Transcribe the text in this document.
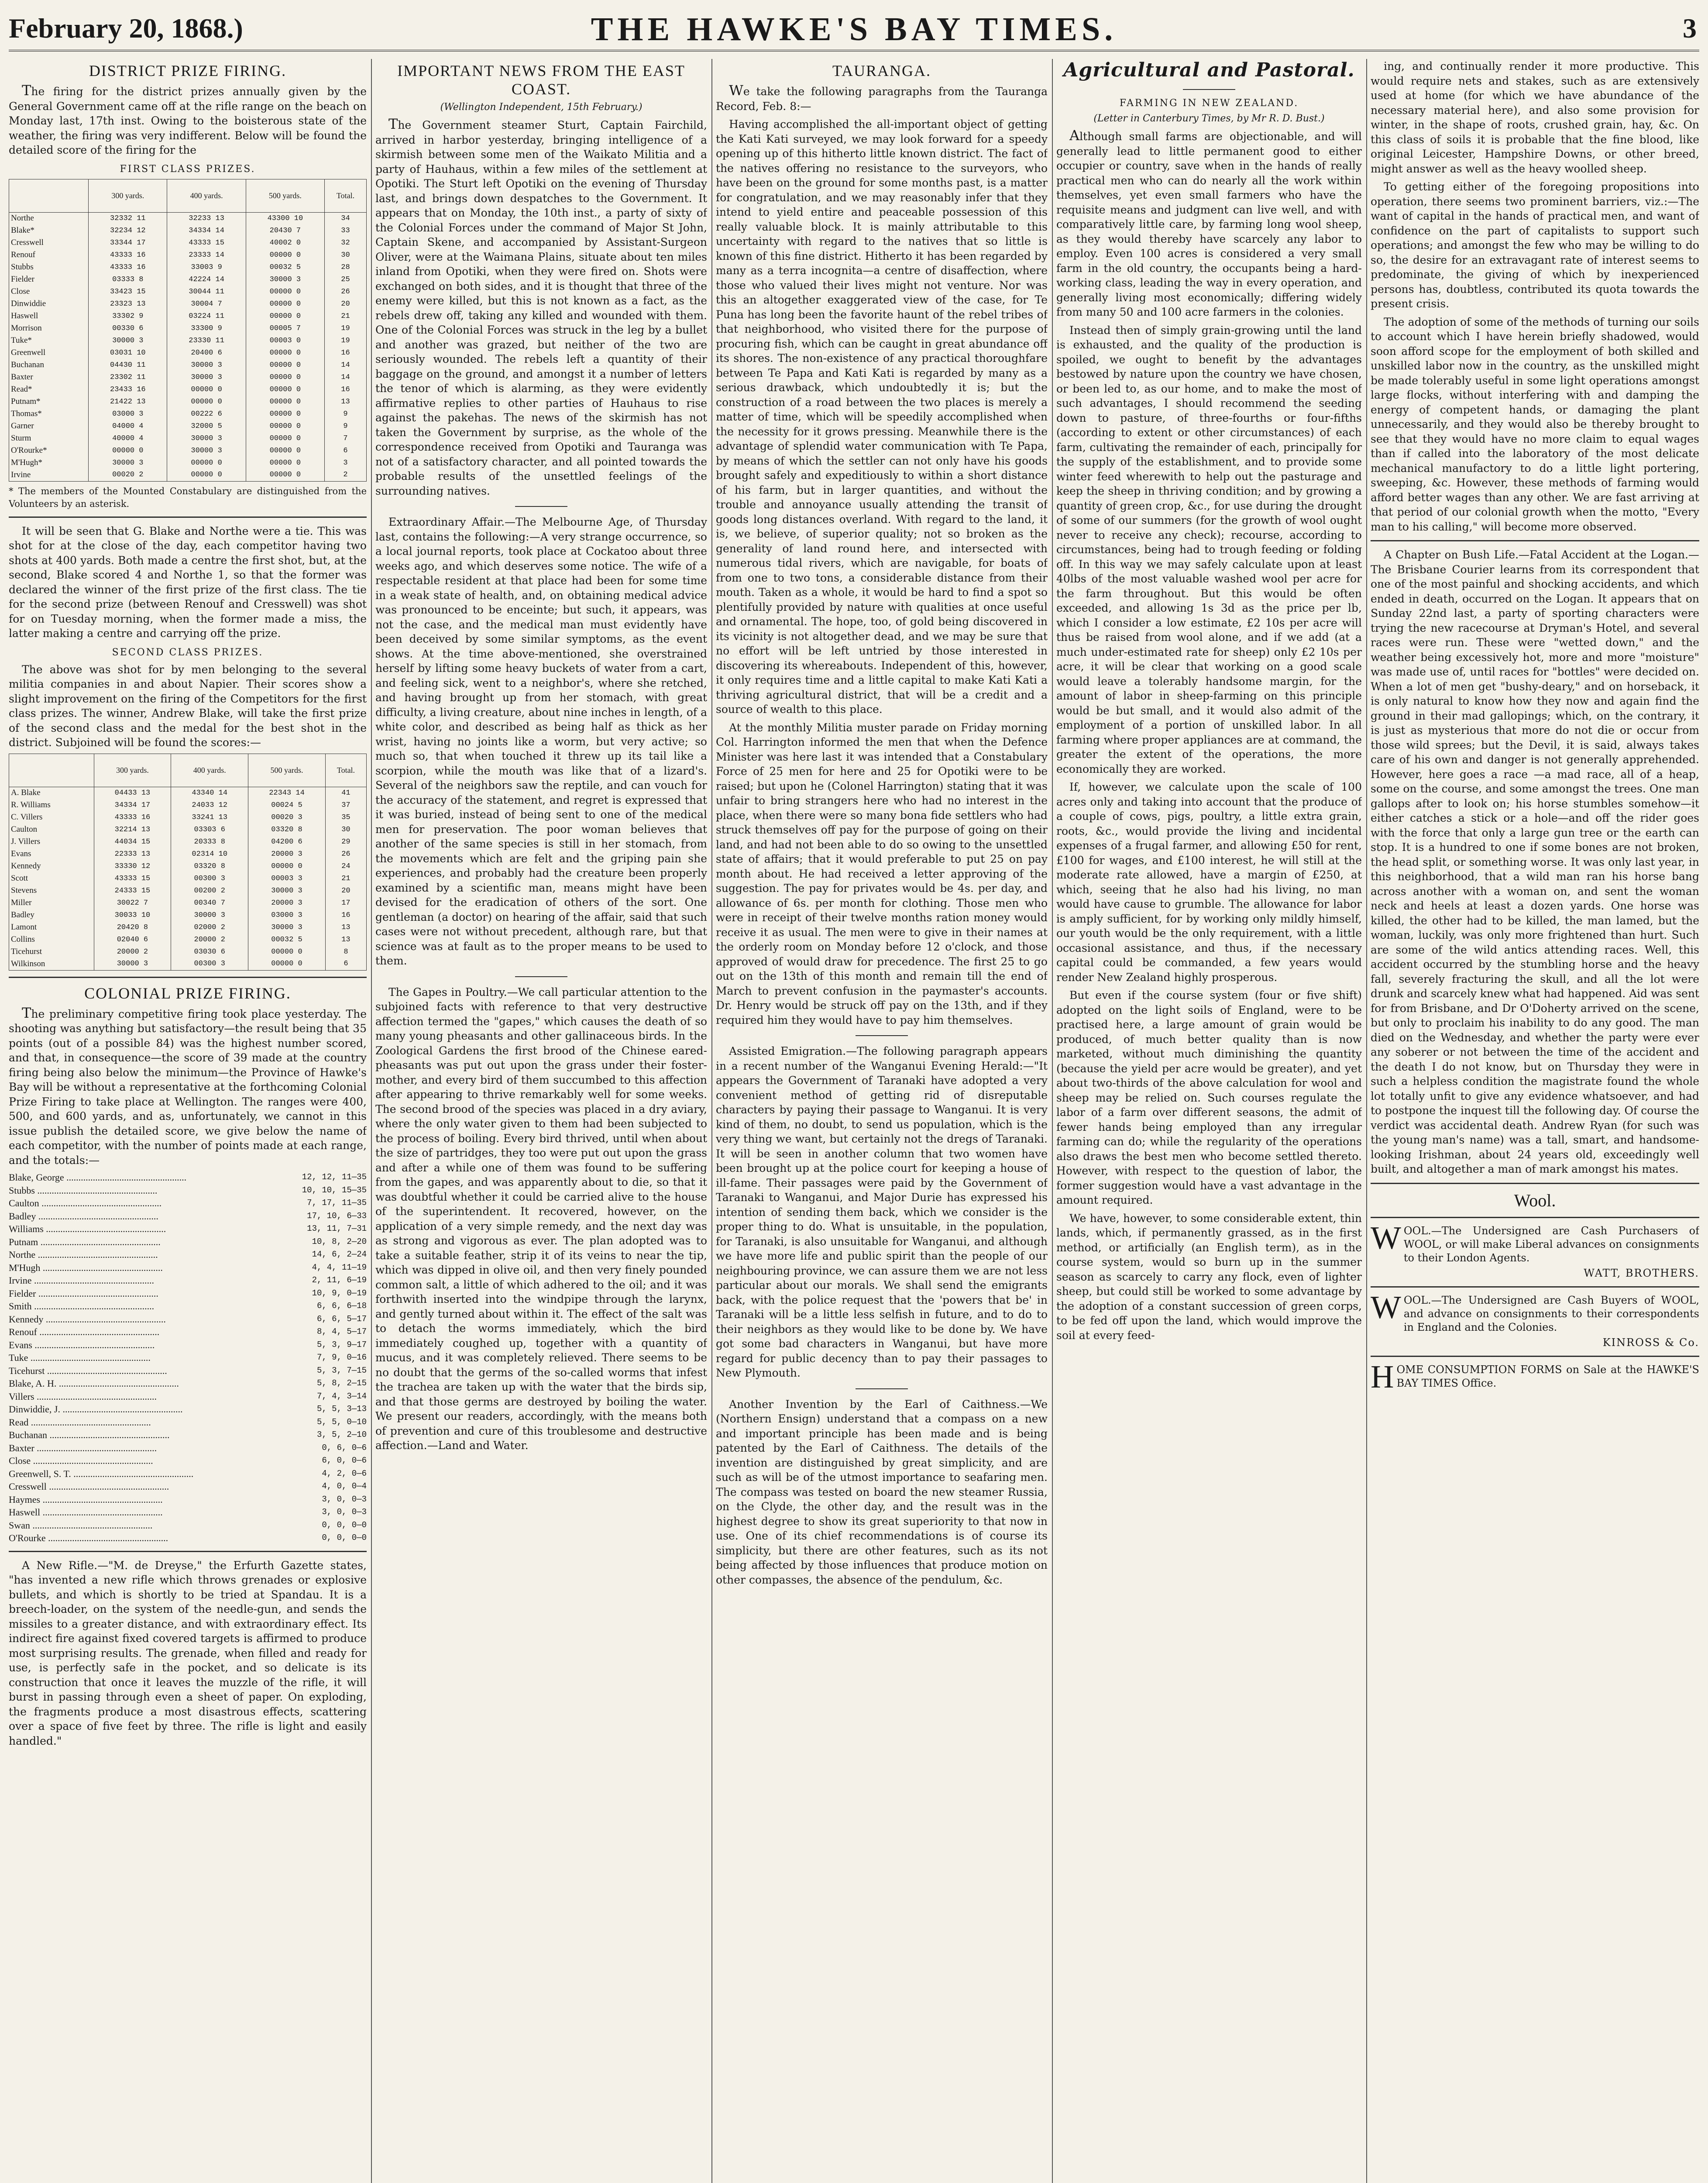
February 20, 1868.)	THE HAWKE'S BAY TIMES.	3
DISTRICT PRIZE FIRING.
The firing for the district prizes annually given by the General Government came off at the rifle range on the beach on Monday last, 17th inst. Owing to the boisterous state of the weather, the firing was very indifferent. Below will be found the detailed score of the firing for the
FIRST CLASS PRIZES.
	300 yards.	400 yards.	500 yards.	Total.
Northe	32332 11	32233 13	43300 10	34
Blake*	32234 12	34334 14	20430 7	33
Cresswell	33344 17	43333 15	40002 0	32
Renouf	43333 16	23333 14	00000 0	30
Stubbs	43333 16	33003 9	00032 5	28
Fielder	03333 8	42224 14	30000 3	25
Close	33423 15	30044 11	00000 0	26
Dinwiddie	23323 13	30004 7	00000 0	20
Haswell	33302 9	03224 11	00000 0	21
Morrison	00330 6	33300 9	00005 7	19
Tuke*	30000 3	23330 11	00003 0	19
Greenwell	03031 10	20400 6	00000 0	16
Buchanan	04430 11	30000 3	00000 0	14
Baxter	23302 11	30000 3	00000 0	14
Read*	23433 16	00000 0	00000 0	16
Putnam*	21422 13	00000 0	00000 0	13
Thomas*	03000 3	00222 6	00000 0	9
Garner	04000 4	32000 5	00000 0	9
Sturm	40000 4	30000 3	00000 0	7
O'Rourke*	00000 0	30000 3	00000 0	6
M'Hugh*	30000 3	00000 0	00000 0	3
Irvine	00020 2	00000 0	00000 0	2
* The members of the Mounted Constabulary are distinguished from the Volunteers by an asterisk.
It will be seen that G. Blake and Northe were a tie. This was shot for at the close of the day, each competitor having two shots at 400 yards. Both made a centre the first shot, but, at the second, Blake scored 4 and Northe 1, so that the former was declared the winner of the first prize of the first class. The tie for the second prize (between Renouf and Cresswell) was shot for on Tuesday morning, when the former made a miss, the latter making a centre and carrying off the prize.
SECOND CLASS PRIZES.
The above was shot for by men belonging to the several militia companies in and about Napier. Their scores show a slight improvement on the firing of the Competitors for the first class prizes. The winner, Andrew Blake, will take the first prize of the second class and the medal for the best shot in the district. Subjoined will be found the scores:—
	300 yards.	400 yards.	500 yards.	Total.
A. Blake	04433 13	43340 14	22343 14	41
R. Williams	34334 17	24033 12	00024 5	37
C. Villers	43333 16	33241 13	00020 3	35
Caulton	32214 13	03303 6	03320 8	30
J. Villers	44034 15	20333 8	04200 6	29
Evans	22333 13	02314 10	20000 3	26
Kennedy	33330 12	03320 8	00000 0	24
Scott	43333 15	00300 3	00003 3	21
Stevens	24333 15	00200 2	30000 3	20
Miller	30022 7	00340 7	20000 3	17
Badley	30033 10	30000 3	03000 3	16
Lamont	20420 8	02000 2	30000 3	13
Collins	02040 6	20000 2	00032 5	13
Ticehurst	20000 2	03030 6	00000 0	8
Wilkinson	30000 3	00300 3	00000 0	6
COLONIAL PRIZE FIRING.
The preliminary competitive firing took place yesterday. The shooting was anything but satisfactory—the result being that 35 points (out of a possible 84) was the highest number scored, and that, in consequence—the score of 39 made at the country firing being also below the minimum—the Province of Hawke's Bay will be without a representative at the forthcoming Colonial Prize Firing to take place at Wellington. The ranges were 400, 500, and 600 yards, and as, unfortunately, we cannot in this issue publish the detailed score, we give below the name of each competitor, with the number of points made at each range, and the totals:—
Blake, George ..................................................	12, 12, 11—35
Stubbs ..................................................	10, 10, 15—35
Caulton ..................................................	7, 17, 11—35
Badley ..................................................	17, 10, 6—33
Williams ..................................................	13, 11, 7—31
Putnam ..................................................	10, 8, 2—20
Northe ..................................................	14, 6, 2—24
M'Hugh ..................................................	4, 4, 11—19
Irvine ..................................................	2, 11, 6—19
Fielder ..................................................	10, 9, 0—19
Smith ..................................................	6, 6, 6—18
Kennedy ..................................................	6, 6, 5—17
Renouf ..................................................	8, 4, 5—17
Evans ..................................................	5, 3, 9—17
Tuke ..................................................	7, 9, 0—16
Ticehurst ..................................................	5, 3, 7—15
Blake, A. H. ..................................................	5, 8, 2—15
Villers ..................................................	7, 4, 3—14
Dinwiddie, J. ..................................................	5, 5, 3—13
Read ..................................................	5, 5, 0—10
Buchanan ..................................................	3, 5, 2—10
Baxter ..................................................	0, 6, 0—6
Close ..................................................	6, 0, 0—6
Greenwell, S. T. ..................................................	4, 2, 0—6
Cresswell ..................................................	4, 0, 0—4
Haymes ..................................................	3, 0, 0—3
Haswell ..................................................	3, 0, 0—3
Swan ..................................................	0, 0, 0—0
O'Rourke ..................................................	0, 0, 0—0
A New Rifle.—"M. de Dreyse," the Erfurth Gazette states, "has invented a new rifle which throws grenades or explosive bullets, and which is shortly to be tried at Spandau. It is a breech-loader, on the system of the needle-gun, and sends the missiles to a greater distance, and with extraordinary effect. Its indirect fire against fixed covered targets is affirmed to produce most surprising results. The grenade, when filled and ready for use, is perfectly safe in the pocket, and so delicate is its construction that once it leaves the muzzle of the rifle, it will burst in passing through even a sheet of paper. On exploding, the fragments produce a most disastrous effects, scattering over a space of five feet by three. The rifle is light and easily handled."
IMPORTANT NEWS FROM THE EAST COAST.
(Wellington Independent, 15th February.)
The Government steamer Sturt, Captain Fairchild, arrived in harbor yesterday, bringing intelligence of a skirmish between some men of the Waikato Militia and a party of Hauhaus, within a few miles of the settlement at Opotiki. The Sturt left Opotiki on the evening of Thursday last, and brings down despatches to the Government. It appears that on Monday, the 10th inst., a party of sixty of the Colonial Forces under the command of Major St John, Captain Skene, and accompanied by Assistant-Surgeon Oliver, were at the Waimana Plains, situate about ten miles inland from Opotiki, when they were fired on. Shots were exchanged on both sides, and it is thought that three of the enemy were killed, but this is not known as a fact, as the rebels drew off, taking any killed and wounded with them. One of the Colonial Forces was struck in the leg by a bullet and another was grazed, but neither of the two are seriously wounded. The rebels left a quantity of their baggage on the ground, and amongst it a number of letters the tenor of which is alarming, as they were evidently affirmative replies to other parties of Hauhaus to rise against the pakehas. The news of the skirmish has not taken the Government by surprise, as the whole of the correspondence received from Opotiki and Tauranga was not of a satisfactory character, and all pointed towards the probable results of the unsettled feelings of the surrounding natives.
Extraordinary Affair.—The Melbourne Age, of Thursday last, contains the following:—A very strange occurrence, so a local journal reports, took place at Cockatoo about three weeks ago, and which deserves some notice. The wife of a respectable resident at that place had been for some time in a weak state of health, and, on obtaining medical advice was pronounced to be enceinte; but such, it appears, was not the case, and the medical man must evidently have been deceived by some similar symptoms, as the event shows. At the time above-mentioned, she overstrained herself by lifting some heavy buckets of water from a cart, and feeling sick, went to a neighbor's, where she retched, and having brought up from her stomach, with great difficulty, a living creature, about nine inches in length, of a white color, and described as being half as thick as her wrist, having no joints like a worm, but very active; so much so, that when touched it threw up its tail like a scorpion, while the mouth was like that of a lizard's. Several of the neighbors saw the reptile, and can vouch for the accuracy of the statement, and regret is expressed that it was buried, instead of being sent to one of the medical men for preservation. The poor woman believes that another of the same species is still in her stomach, from the movements which are felt and the griping pain she experiences, and probably had the creature been properly examined by a scientific man, means might have been devised for the eradication of others of the sort. One gentleman (a doctor) on hearing of the affair, said that such cases were not without precedent, although rare, but that science was at fault as to the proper means to be used to them.
The Gapes in Poultry.—We call particular attention to the subjoined facts with reference to that very destructive affection termed the "gapes," which causes the death of so many young pheasants and other gallinaceous birds. In the Zoological Gardens the first brood of the Chinese eared-pheasants was put out upon the grass under their foster-mother, and every bird of them succumbed to this affection after appearing to thrive remarkably well for some weeks. The second brood of the species was placed in a dry aviary, where the only water given to them had been subjected to the process of boiling. Every bird thrived, until when about the size of partridges, they too were put out upon the grass and after a while one of them was found to be suffering from the gapes, and was apparently about to die, so that it was doubtful whether it could be carried alive to the house of the superintendent. It recovered, however, on the application of a very simple remedy, and the next day was as strong and vigorous as ever. The plan adopted was to take a suitable feather, strip it of its veins to near the tip, which was dipped in olive oil, and then very finely pounded common salt, a little of which adhered to the oil; and it was forthwith inserted into the windpipe through the larynx, and gently turned about within it. The effect of the salt was to detach the worms immediately, which the bird immediately coughed up, together with a quantity of mucus, and it was completely relieved. There seems to be no doubt that the germs of the so-called worms that infest the trachea are taken up with the water that the birds sip, and that those germs are destroyed by boiling the water. We present our readers, accordingly, with the means both of prevention and cure of this troublesome and destructive affection.—Land and Water.
TAURANGA.
We take the following paragraphs from the Tauranga Record, Feb. 8:—
Having accomplished the all-important object of getting the Kati Kati surveyed, we may look forward for a speedy opening up of this hitherto little known district. The fact of the natives offering no resistance to the surveyors, who have been on the ground for some months past, is a matter for congratulation, and we may reasonably infer that they intend to yield entire and peaceable possession of this really valuable block. It is mainly attributable to this uncertainty with regard to the natives that so little is known of this fine district. Hitherto it has been regarded by many as a terra incognita—a centre of disaffection, where those who valued their lives might not venture. Nor was this an altogether exaggerated view of the case, for Te Puna has long been the favorite haunt of the rebel tribes of that neighborhood, who visited there for the purpose of procuring fish, which can be caught in great abundance off its shores. The non-existence of any practical thoroughfare between Te Papa and Kati Kati is regarded by many as a serious drawback, which undoubtedly it is; but the construction of a road between the two places is merely a matter of time, which will be speedily accomplished when the necessity for it grows pressing. Meanwhile there is the advantage of splendid water communication with Te Papa, by means of which the settler can not only have his goods brought safely and expeditiously to within a short distance of his farm, but in larger quantities, and without the trouble and annoyance usually attending the transit of goods long distances overland. With regard to the land, it is, we believe, of superior quality; not so broken as the generality of land round here, and intersected with numerous tidal rivers, which are navigable, for boats of from one to two tons, a considerable distance from their mouth. Taken as a whole, it would be hard to find a spot so plentifully provided by nature with qualities at once useful and ornamental. The hope, too, of gold being discovered in its vicinity is not altogether dead, and we may be sure that no effort will be left untried by those interested in discovering its whereabouts. Independent of this, however, it only requires time and a little capital to make Kati Kati a thriving agricultural district, that will be a credit and a source of wealth to this place.
At the monthly Militia muster parade on Friday morning Col. Harrington informed the men that when the Defence Minister was here last it was intended that a Constabulary Force of 25 men for here and 25 for Opotiki were to be raised; but upon he (Colonel Harrington) stating that it was unfair to bring strangers here who had no interest in the place, when there were so many bona fide settlers who had struck themselves off pay for the purpose of going on their land, and had not been able to do so owing to the unsettled state of affairs; that it would preferable to put 25 on pay month about. He had received a letter approving of the suggestion. The pay for privates would be 4s. per day, and allowance of 6s. per month for clothing. Those men who were in receipt of their twelve months ration money would receive it as usual. The men were to give in their names at the orderly room on Monday before 12 o'clock, and those approved of would draw for precedence. The first 25 to go out on the 13th of this month and remain till the end of March to prevent confusion in the paymaster's accounts. Dr. Henry would be struck off pay on the 13th, and if they required him they would have to pay him themselves.
Assisted Emigration.—The following paragraph appears in a recent number of the Wanganui Evening Herald:—"It appears the Government of Taranaki have adopted a very convenient method of getting rid of disreputable characters by paying their passage to Wanganui. It is very kind of them, no doubt, to send us population, which is the very thing we want, but certainly not the dregs of Taranaki. It will be seen in another column that two women have been brought up at the police court for keeping a house of ill-fame. Their passages were paid by the Government of Taranaki to Wanganui, and Major Durie has expressed his intention of sending them back, which we consider is the proper thing to do. What is unsuitable, in the population, for Taranaki, is also unsuitable for Wanganui, and although we have more life and public spirit than the people of our neighbouring province, we can assure them we are not less particular about our morals. We shall send the emigrants back, with the police request that the 'powers that be' in Taranaki will be a little less selfish in future, and to do to their neighbors as they would like to be done by. We have got some bad characters in Wanganui, but have more regard for public decency than to pay their passages to New Plymouth.
Another Invention by the Earl of Caithness.—We (Northern Ensign) understand that a compass on a new and important principle has been made and is being patented by the Earl of Caithness. The details of the invention are distinguished by great simplicity, and are such as will be of the utmost importance to seafaring men. The compass was tested on board the new steamer Russia, on the Clyde, the other day, and the result was in the highest degree to show its great superiority to that now in use. One of its chief recommendations is of course its simplicity, but there are other features, such as its not being affected by those influences that produce motion on other compasses, the absence of the pendulum, &c.
Agricultural and Pastoral.
FARMING IN NEW ZEALAND.
(Letter in Canterbury Times, by Mr R. D. Bust.)
Although small farms are objectionable, and will generally lead to little permanent good to either occupier or country, save when in the hands of really practical men who can do nearly all the work within themselves, yet even small farmers who have the requisite means and judgment can live well, and with comparatively little care, by farming long wool sheep, as they would thereby have scarcely any labor to employ. Even 100 acres is considered a very small farm in the old country, the occupants being a hard-working class, leading the way in every operation, and generally living most economically; differing widely from many 50 and 100 acre farmers in the colonies.
Instead then of simply grain-growing until the land is exhausted, and the quality of the production is spoiled, we ought to benefit by the advantages bestowed by nature upon the country we have chosen, or been led to, as our home, and to make the most of such advantages, I should recommend the seeding down to pasture, of three-fourths or four-fifths (according to extent or other circumstances) of each farm, cultivating the remainder of each, principally for the supply of the establishment, and to provide some winter feed wherewith to help out the pasturage and keep the sheep in thriving condition; and by growing a quantity of green crop, &c., for use during the drought of some of our summers (for the growth of wool ought never to receive any check); recourse, according to circumstances, being had to trough feeding or folding off. In this way we may safely calculate upon at least 40lbs of the most valuable washed wool per acre for the farm throughout. But this would be often exceeded, and allowing 1s 3d as the price per lb, which I consider a low estimate, £2 10s per acre will thus be raised from wool alone, and if we add (at a much under-estimated rate for sheep) only £2 10s per acre, it will be clear that working on a good scale would leave a tolerably handsome margin, for the amount of labor in sheep-farming on this principle would be but small, and it would also admit of the employment of a portion of unskilled labor. In all farming where proper appliances are at command, the greater the extent of the operations, the more economically they are worked.
If, however, we calculate upon the scale of 100 acres only and taking into account that the produce of a couple of cows, pigs, poultry, a little extra grain, roots, &c., would provide the living and incidental expenses of a frugal farmer, and allowing £50 for rent, £100 for wages, and £100 interest, he will still at the moderate rate allowed, have a margin of £250, at which, seeing that he also had his living, no man would have cause to grumble. The allowance for labor is amply sufficient, for by working only mildly himself, our youth would be the only requirement, with a little occasional assistance, and thus, if the necessary capital could be commanded, a few years would render New Zealand highly prosperous.
But even if the course system (four or five shift) adopted on the light soils of England, were to be practised here, a large amount of grain would be produced, of much better quality than is now marketed, without much diminishing the quantity (because the yield per acre would be greater), and yet about two-thirds of the above calculation for wool and sheep may be relied on. Such courses regulate the labor of a farm over different seasons, the admit of fewer hands being employed than any irregular farming can do; while the regularity of the operations also draws the best men who become settled thereto. However, with respect to the question of labor, the former suggestion would have a vast advantage in the amount required.
We have, however, to some considerable extent, thin lands, which, if permanently grassed, as in the first method, or artificially (an English term), as in the course system, would so burn up in the summer season as scarcely to carry any flock, even of lighter sheep, but could still be worked to some advantage by the adoption of a constant succession of green corps, to be fed off upon the land, which would improve the soil at every feed-
ing, and continually render it more productive. This would require nets and stakes, such as are extensively used at home (for which we have abundance of the necessary material here), and also some provision for winter, in the shape of roots, crushed grain, hay, &c. On this class of soils it is probable that the fine blood, like original Leicester, Hampshire Downs, or other breed, might answer as well as the heavy woolled sheep.
To getting either of the foregoing propositions into operation, there seems two prominent barriers, viz.:—The want of capital in the hands of practical men, and want of confidence on the part of capitalists to support such operations; and amongst the few who may be willing to do so, the desire for an extravagant rate of interest seems to predominate, the giving of which by inexperienced persons has, doubtless, contributed its quota towards the present crisis.
The adoption of some of the methods of turning our soils to account which I have herein briefly shadowed, would soon afford scope for the employment of both skilled and unskilled labor now in the country, as the unskilled might be made tolerably useful in some light operations amongst large flocks, without interfering with and damping the energy of competent hands, or damaging the plant unnecessarily, and they would also be thereby brought to see that they would have no more claim to equal wages than if called into the laboratory of the most delicate mechanical manufactory to do a little light portering, sweeping, &c. However, these methods of farming would afford better wages than any other. We are fast arriving at that period of our colonial growth when the motto, "Every man to his calling," will become more observed.
A Chapter on Bush Life.—Fatal Accident at the Logan.—The Brisbane Courier learns from its correspondent that one of the most painful and shocking accidents, and which ended in death, occurred on the Logan. It appears that on Sunday 22nd last, a party of sporting characters were trying the new racecourse at Dryman's Hotel, and several races were run. These were "wetted down," and the weather being excessively hot, more and more "moisture" was made use of, until races for "bottles" were decided on. When a lot of men get "bushy-deary," and on horseback, it is only natural to know how they now and again find the ground in their mad gallopings; which, on the contrary, it is just as mysterious that more do not die or occur from those wild sprees; but the Devil, it is said, always takes care of his own and danger is not generally apprehended. However, here goes a race —a mad race, all of a heap, some on the course, and some amongst the trees. One man gallops after to look on; his horse stumbles somehow—it either catches a stick or a hole—and off the rider goes with the force that only a large gun tree or the earth can stop. It is a hundred to one if some bones are not broken, the head split, or something worse. It was only last year, in this neighborhood, that a wild man ran his horse bang across another with a woman on, and sent the woman neck and heels at least a dozen yards. One horse was killed, the other had to be killed, the man lamed, but the woman, luckily, was only more frightened than hurt. Such are some of the wild antics attending races. Well, this accident occurred by the stumbling horse and the heavy fall, severely fracturing the skull, and all the lot were drunk and scarcely knew what had happened. Aid was sent for from Brisbane, and Dr O'Doherty arrived on the scene, but only to proclaim his inability to do any good. The man died on the Wednesday, and whether the party were ever any soberer or not between the time of the accident and the death I do not know, but on Thursday they were in such a helpless condition the magistrate found the whole lot totally unfit to give any evidence whatsoever, and had to postpone the inquest till the following day. Of course the verdict was accidental death. Andrew Ryan (for such was the young man's name) was a tall, smart, and handsome-looking Irishman, about 24 years old, exceedingly well built, and altogether a man of mark amongst his mates.
Wool.
W OOL.—The Undersigned are Cash Purchasers of WOOL, or will make Liberal advances on consignments to their London Agents.
WATT, BROTHERS.
W OOL.—The Undersigned are Cash Buyers of WOOL, and advance on consignments to their correspondents in England and the Colonies.
KINROSS & Co.
H OME CONSUMPTION FORMS on Sale at the HAWKE'S BAY TIMES Office.
